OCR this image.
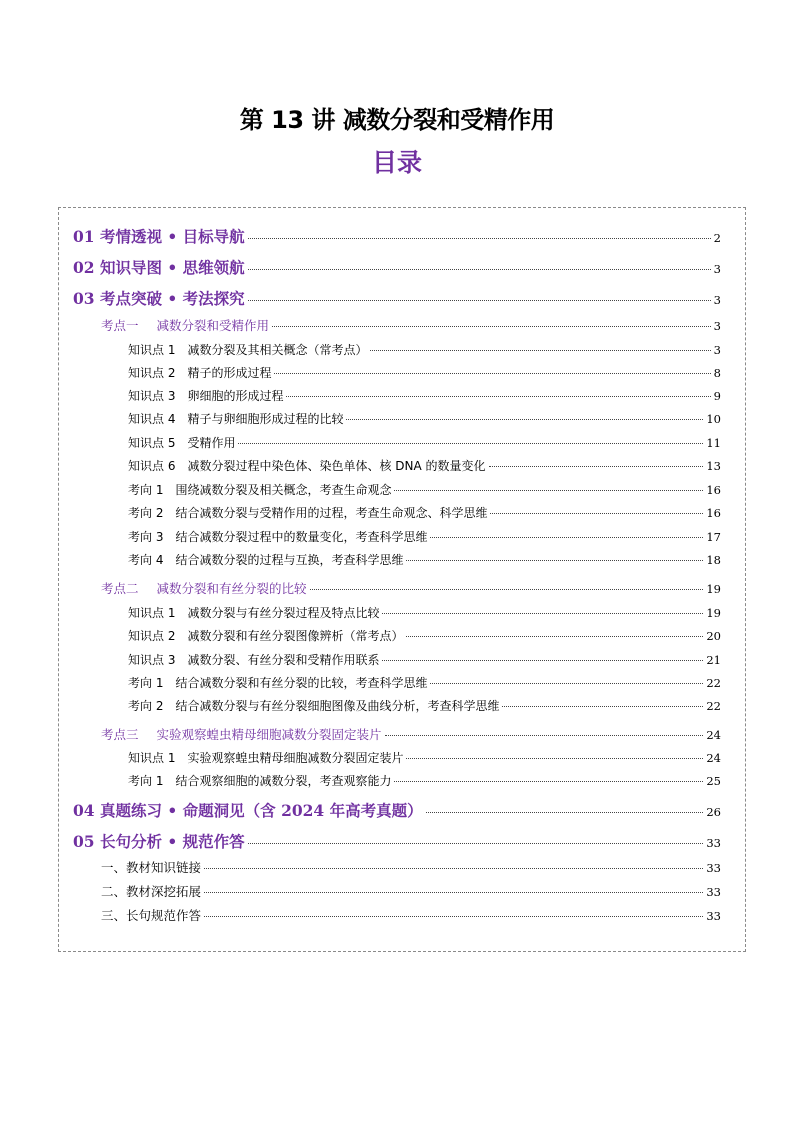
第 13 讲 减数分裂和受精作用
目录
01 考情透视 • 目标导航	2
02 知识导图 • 思维领航	3
03 考点突破 • 考法探究	3
考点一 减数分裂和受精作用	3
知识点 1 减数分裂及其相关概念（常考点）	3
知识点 2 精子的形成过程	8
知识点 3 卵细胞的形成过程	9
知识点 4 精子与卵细胞形成过程的比较	10
知识点 5 受精作用	11
知识点 6 减数分裂过程中染色体、染色单体、核 DNA 的数量变化	13
考向 1 围绕减数分裂及相关概念，考查生命观念	16
考向 2 结合减数分裂与受精作用的过程，考查生命观念、科学思维	16
考向 3 结合减数分裂过程中的数量变化，考查科学思维	17
考向 4 结合减数分裂的过程与互换，考查科学思维	18
考点二 减数分裂和有丝分裂的比较	19
知识点 1 减数分裂与有丝分裂过程及特点比较	19
知识点 2 减数分裂和有丝分裂图像辨析（常考点）	20
知识点 3 减数分裂、有丝分裂和受精作用联系	21
考向 1 结合减数分裂和有丝分裂的比较，考查科学思维	22
考向 2 结合减数分裂与有丝分裂细胞图像及曲线分析，考查科学思维	22
考点三 实验观察蝗虫精母细胞减数分裂固定装片	24
知识点 1 实验观察蝗虫精母细胞减数分裂固定装片	24
考向 1 结合观察细胞的减数分裂，考查观察能力	25
04 真题练习 • 命题洞见（含 2024 年高考真题）	26
05 长句分析 • 规范作答	33
一、教材知识链接	33
二、教材深挖拓展	33
三、长句规范作答	33
